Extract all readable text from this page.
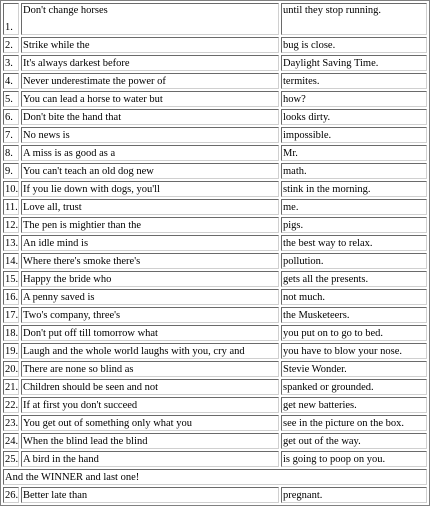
1.	Don't change horses	until they stop running.
2.	Strike while the	bug is close.
3.	It's always darkest before	Daylight Saving Time.
4.	Never underestimate the power of	termites.
5.	You can lead a horse to water but	how?
6.	Don't bite the hand that	looks dirty.
7.	No news is	impossible.
8.	A miss is as good as a	Mr.
9.	You can't teach an old dog new	math.
10.	If you lie down with dogs, you'll	stink in the morning.
11.	Love all, trust	me.
12.	The pen is mightier than the	pigs.
13.	An idle mind is	the best way to relax.
14.	Where there's smoke there's	pollution.
15.	Happy the bride who	gets all the presents.
16.	A penny saved is	not much.
17.	Two's company, three's	the Musketeers.
18.	Don't put off till tomorrow what	you put on to go to bed.
19.	Laugh and the whole world laughs with you, cry and	you have to blow your nose.
20.	There are none so blind as	Stevie Wonder.
21.	Children should be seen and not	spanked or grounded.
22.	If at first you don't succeed	get new batteries.
23.	You get out of something only what you	see in the picture on the box.
24.	When the blind lead the blind	get out of the way.
25.	A bird in the hand	is going to poop on you.
And the WINNER and last one!		
26.	Better late than	pregnant.
